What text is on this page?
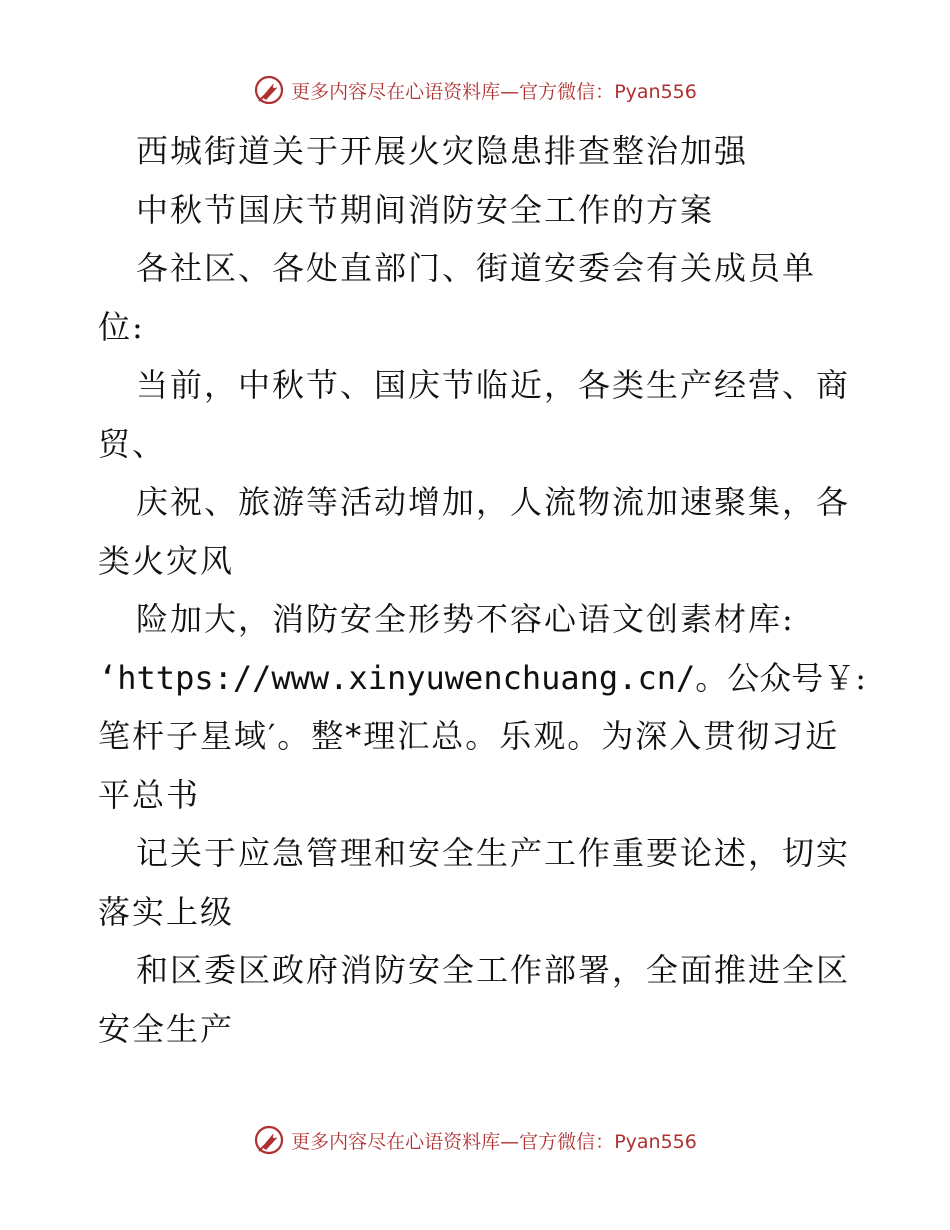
更多内容尽在心语资料库—官方微信：Pyan556
西城街道关于开展火灾隐患排查整治加强
中秋节国庆节期间消防安全工作的方案
各社区、各处直部门、街道安委会有关成员单
位:
当前，中秋节、国庆节临近，各类生产经营、商
贸、
庆祝、旅游等活动增加，人流物流加速聚集，各
类火灾风
险加大，消防安全形势不容心语文创素材库:
‘https://www.xinyuwenchuang.cn/。公众号￥:
笔杆子星域′。整*理汇总。乐观。为深入贯彻习近
平总书
记关于应急管理和安全生产工作重要论述，切实
落实上级
和区委区政府消防安全工作部署，全面推进全区
安全生产
更多内容尽在心语资料库—官方微信：Pyan556
